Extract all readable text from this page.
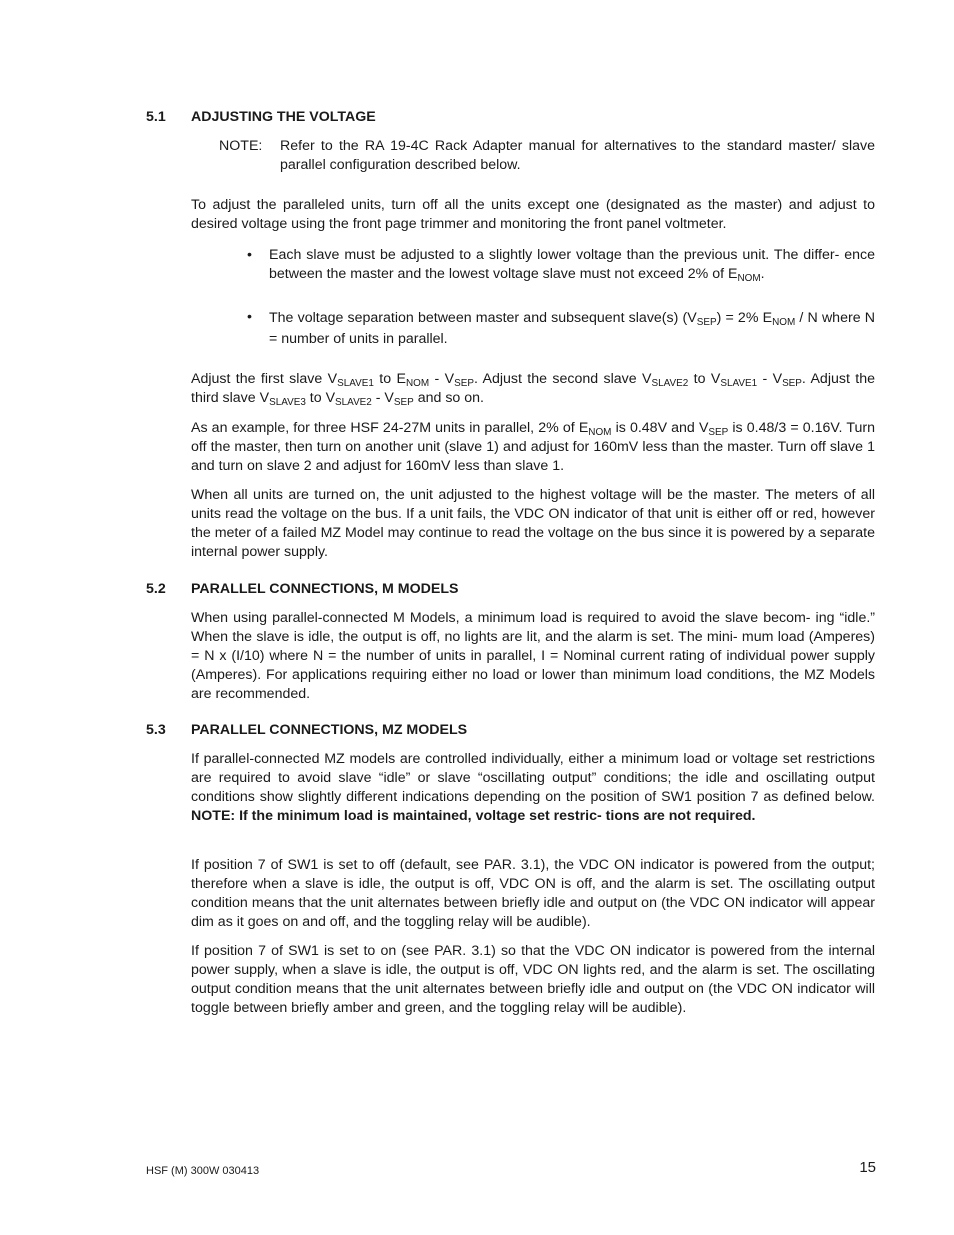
5.1 ADJUSTING THE VOLTAGE
NOTE: Refer to the RA 19-4C Rack Adapter manual for alternatives to the standard master/ slave parallel configuration described below.

To adjust the paralleled units, turn off all the units except one (designated as the master) and adjust to desired voltage using the front page trimmer and monitoring the front panel voltmeter.

• Each slave must be adjusted to a slightly lower voltage than the previous unit. The differ- ence between the master and the lowest voltage slave must not exceed 2% of $E_{NOM}$.

• The voltage separation between master and subsequent slave(s) $(V_{SEP}) = 2\%$ $E_{NOM}$ / N where N = number of units in parallel.

Adjust the first slave $V_{SLAVE1}$ to $E_{NOM} - V_{SEP}$. Adjust the second slave $V_{SLAVE2}$ to $V_{SLAVE1} - V_{SEP}$. Adjust the third slave $V_{SLAVE3}$ to $V_{SLAVE2} - V_{SEP}$ and so on.

As an example, for three HSF 24-27M units in parallel, 2% of $E_{NOM}$ is 0.48V and $V_{SEP}$ is 0.48/3 = 0.16V. Turn off the master, then turn on another unit (slave 1) and adjust for 160mV less than the master. Turn off slave 1 and turn on slave 2 and adjust for 160mV less than slave 1.

When all units are turned on, the unit adjusted to the highest voltage will be the master. The meters of all units read the voltage on the bus. If a unit fails, the VDC ON indicator of that unit is either off or red, however the meter of a failed MZ Model may continue to read the voltage on the bus since it is powered by a separate internal power supply.

5.2 PARALLEL CONNECTIONS, M MODELS

When using parallel-connected M Models, a minimum load is required to avoid the slave becom- ing “idle.” When the slave is idle, the output is off, no lights are lit, and the alarm is set. The mini- mum load (Amperes) = N x (I/10) where N = the number of units in parallel, I = Nominal current rating of individual power supply (Amperes). For applications requiring either no load or lower than minimum load conditions, the MZ Models are recommended.

5.3 PARALLEL CONNECTIONS, MZ MODELS

If parallel-connected MZ models are controlled individually, either a minimum load or voltage set restrictions are required to avoid slave “idle” or slave “oscillating output” conditions; the idle and oscillating output conditions show slightly different indications depending on the position of SW1 position 7 as defined below. NOTE: If the minimum load is maintained, voltage set restric- tions are not required.

If position 7 of SW1 is set to off (default, see PAR. 3.1), the VDC ON indicator is powered from the output; therefore when a slave is idle, the output is off, VDC ON is off, and the alarm is set. The oscillating output condition means that the unit alternates between briefly idle and output on (the VDC ON indicator will appear dim as it goes on and off, and the toggling relay will be audible).

If position 7 of SW1 is set to on (see PAR. 3.1) so that the VDC ON indicator is powered from the internal power supply, when a slave is idle, the output is off, VDC ON lights red, and the alarm is set. The oscillating output condition means that the unit alternates between briefly idle and output on (the VDC ON indicator will toggle between briefly amber and green, and the toggling relay will be audible).

HSF (M) 300W 030413	15
